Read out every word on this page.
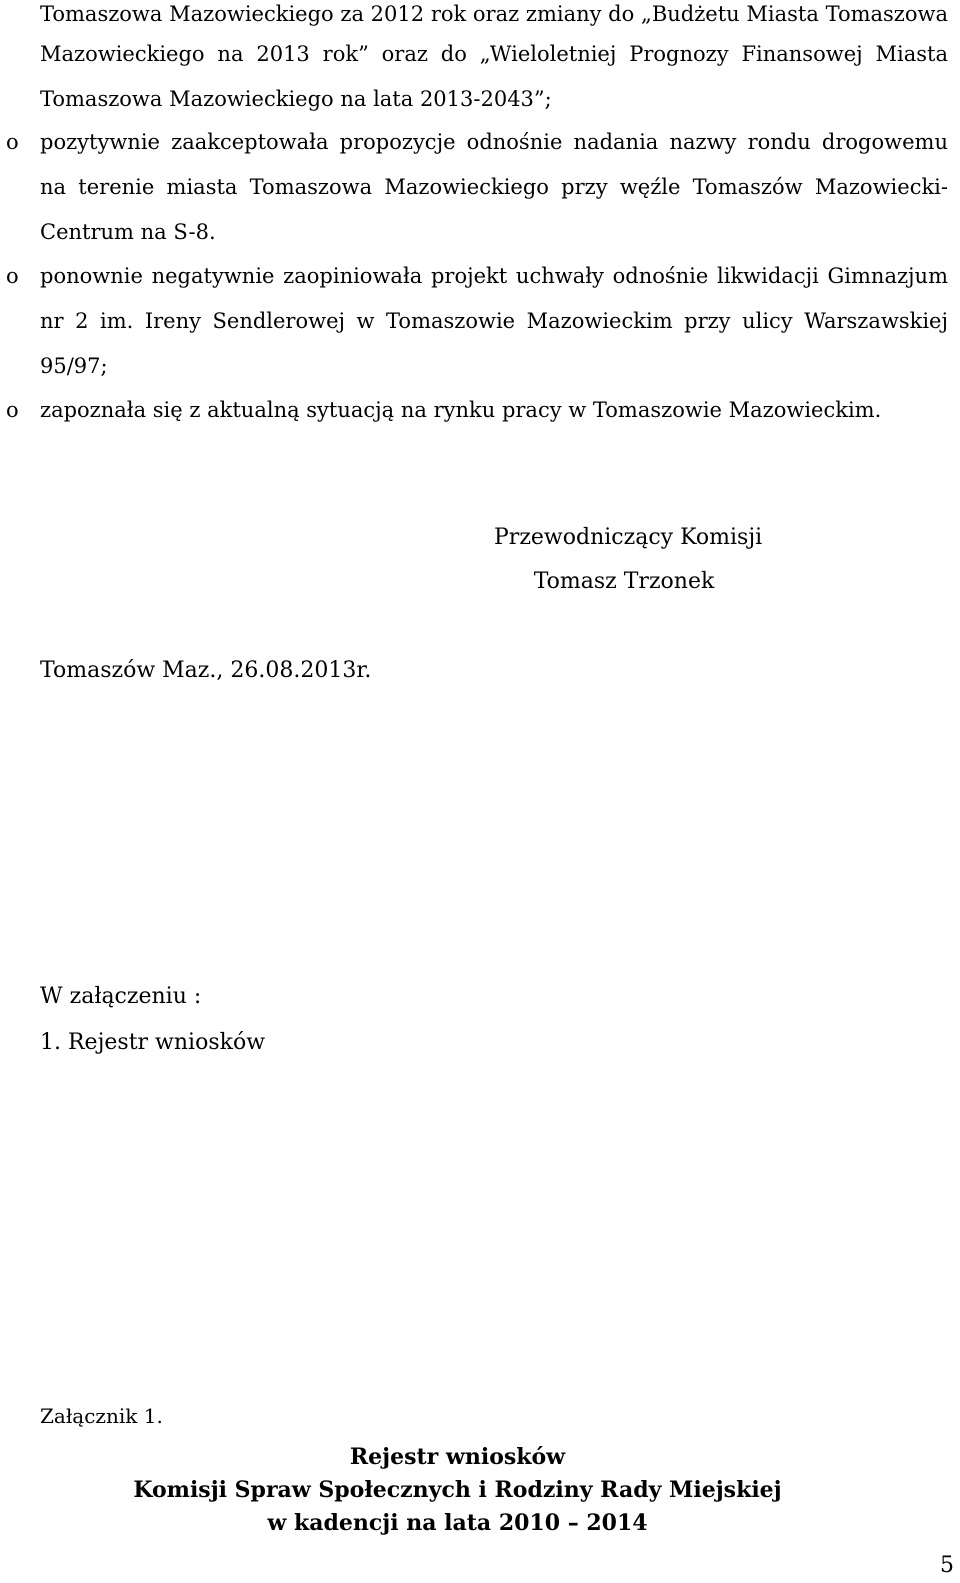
Tomaszowa Mazowieckiego za 2012 rok oraz zmiany do „Budżetu Miasta Tomaszowa
Mazowieckiego na 2013 rok” oraz do „Wieloletniej Prognozy Finansowej Miasta
Tomaszowa Mazowieckiego na lata 2013-2043”;
o pozytywnie zaakceptowała propozycje odnośnie nadania nazwy rondu drogowemu
na terenie miasta Tomaszowa Mazowieckiego przy węźle Tomaszów Mazowiecki-
Centrum na S-8.
o ponownie negatywnie zaopiniowała projekt uchwały odnośnie likwidacji Gimnazjum
nr 2 im. Ireny Sendlerowej w Tomaszowie Mazowieckim przy ulicy Warszawskiej
95/97;
o zapoznała się z aktualną sytuacją na rynku pracy w Tomaszowie Mazowieckim.
Przewodniczący Komisji
Tomasz Trzonek
Tomaszów Maz., 26.08.2013r.
W załączeniu :
1. Rejestr wniosków
Załącznik 1.
Rejestr wniosków
Komisji Spraw Społecznych i Rodziny Rady Miejskiej
w kadencji na lata 2010 – 2014
5
